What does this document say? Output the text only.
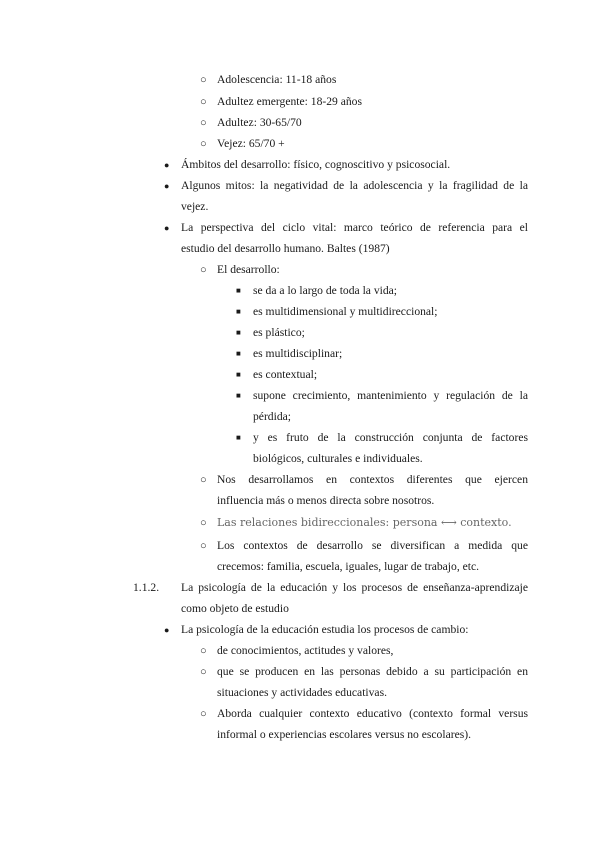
○ Adolescencia: 11-18 años
○ Adultez emergente: 18-29 años
○ Adultez: 30-65/70
○ Vejez: 65/70 +
● Ámbitos del desarrollo: físico, cognoscitivo y psicosocial.
● Algunos mitos: la negatividad de la adolescencia y la fragilidad de la
vejez.
● La perspectiva del ciclo vital: marco teórico de referencia para el
estudio del desarrollo humano. Baltes (1987)
○ El desarrollo:
■ se da a lo largo de toda la vida;
■ es multidimensional y multidireccional;
■ es plástico;
■ es multidisciplinar;
■ es contextual;
■ supone crecimiento, mantenimiento y regulación de la
pérdida;
■ y es fruto de la construcción conjunta de factores
biológicos, culturales e individuales.
○ Nos desarrollamos en contextos diferentes que ejercen
influencia más o menos directa sobre nosotros.
○ Las relaciones bidireccionales: persona ⟷ contexto.
○ Los contextos de desarrollo se diversifican a medida que
crecemos: familia, escuela, iguales, lugar de trabajo, etc.
1.1.2. La psicología de la educación y los procesos de enseñanza-aprendizaje
como objeto de estudio
● La psicología de la educación estudia los procesos de cambio:
○ de conocimientos, actitudes y valores,
○ que se producen en las personas debido a su participación en
situaciones y actividades educativas.
○ Aborda cualquier contexto educativo (contexto formal versus
informal o experiencias escolares versus no escolares).
